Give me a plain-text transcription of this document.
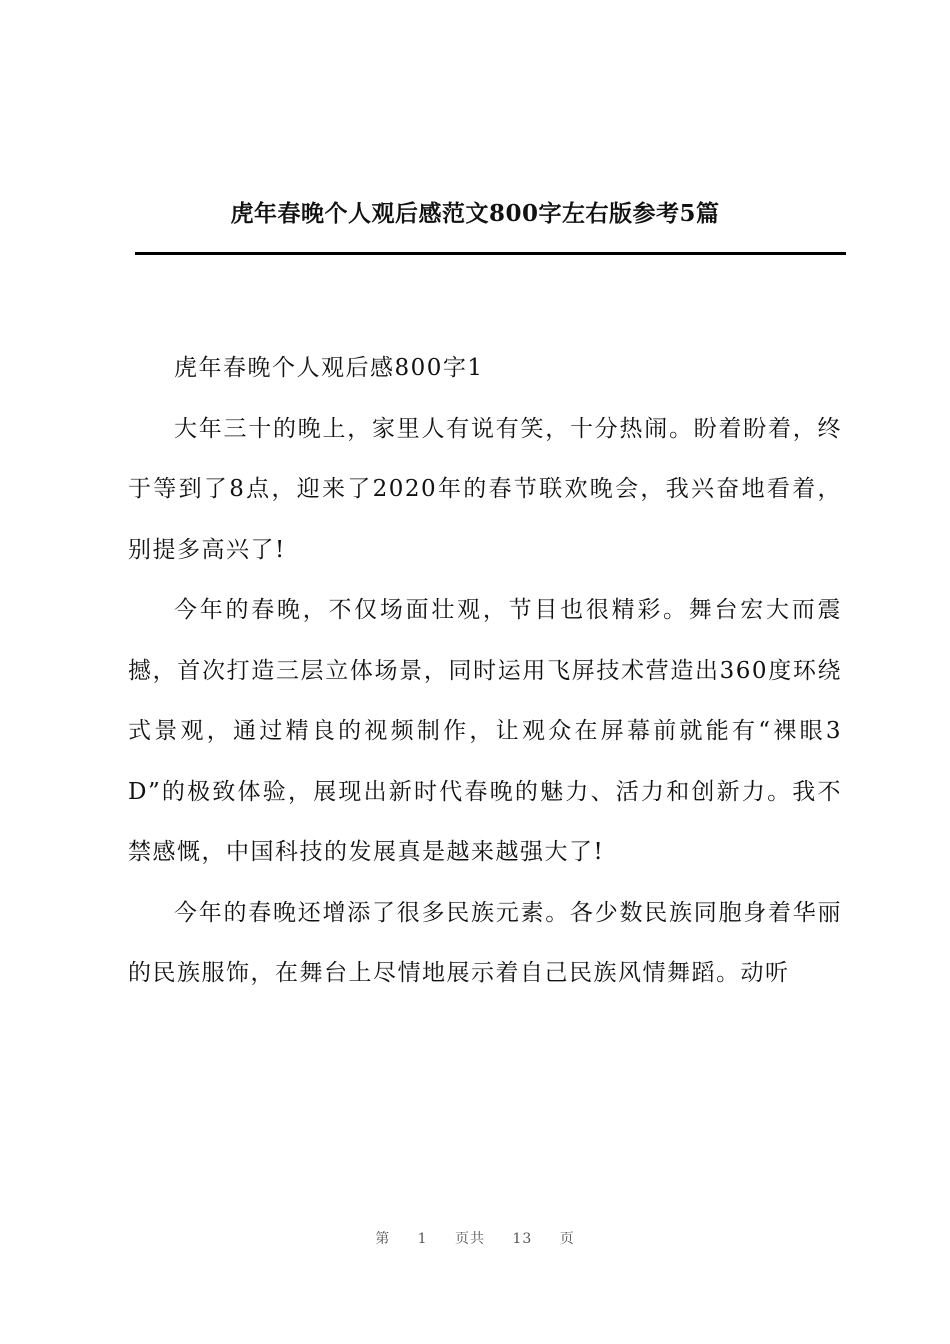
虎年春晚个人观后感范文800字左右版参考5篇

虎年春晚个人观后感800字1

大年三十的晚上，家里人有说有笑，十分热闹。盼着盼着，终于等到了8点，迎来了2020年的春节联欢晚会，我兴奋地看着，别提多高兴了!

今年的春晚，不仅场面壮观，节目也很精彩。舞台宏大而震撼，首次打造三层立体场景，同时运用飞屏技术营造出360度环绕式景观，通过精良的视频制作，让观众在屏幕前就能有“裸眼3D”的极致体验，展现出新时代春晚的魅力、活力和创新力。我不禁感慨，中国科技的发展真是越来越强大了!

今年的春晚还增添了很多民族元素。各少数民族同胞身着华丽的民族服饰，在舞台上尽情地展示着自己民族风情舞蹈。动听

第 1 页共 13 页
